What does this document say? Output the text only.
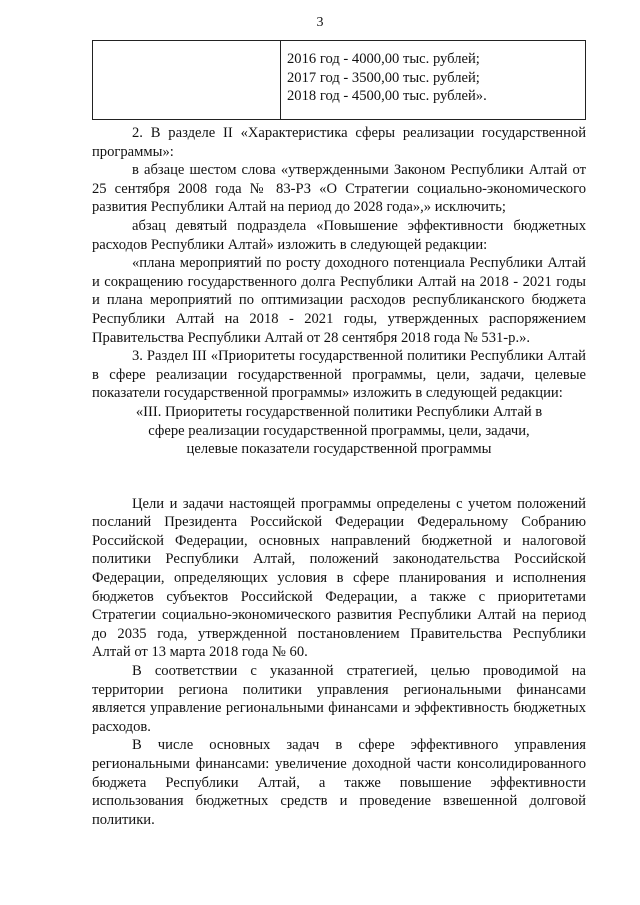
3
2016 год - 4000,00 тыс. рублей;
2017 год - 3500,00 тыс. рублей;
2018 год - 4500,00 тыс. рублей».

2. В разделе II «Характеристика сферы реализации государственной программы»:

в абзаце шестом слова «утвержденными Законом Республики Алтай от 25 сентября 2008 года № 83-РЗ «О Стратегии социально-экономического развития Республики Алтай на период до 2028 года»,» исключить;

абзац девятый подраздела «Повышение эффективности бюджетных расходов Республики Алтай» изложить в следующей редакции:

«плана мероприятий по росту доходного потенциала Республики Алтай и сокращению государственного долга Республики Алтай на 2018 - 2021 годы и плана мероприятий по оптимизации расходов республиканского бюджета Республики Алтай на 2018 - 2021 годы, утвержденных распоряжением Правительства Республики Алтай от 28 сентября 2018 года № 531-р.».

3. Раздел III «Приоритеты государственной политики Республики Алтай в сфере реализации государственной программы, цели, задачи, целевые показатели государственной программы» изложить в следующей редакции:

«III. Приоритеты государственной политики Республики Алтай в
сфере реализации государственной программы, цели, задачи,
целевые показатели государственной программы

Цели и задачи настоящей программы определены с учетом положений посланий Президента Российской Федерации Федеральному Собранию Российской Федерации, основных направлений бюджетной и налоговой политики Республики Алтай, положений законодательства Российской Федерации, определяющих условия в сфере планирования и исполнения бюджетов субъектов Российской Федерации, а также с приоритетами Стратегии социально-экономического развития Республики Алтай на период до 2035 года, утвержденной постановлением Правительства Республики Алтай от 13 марта 2018 года № 60.

В соответствии с указанной стратегией, целью проводимой на территории региона политики управления региональными финансами является управление региональными финансами и эффективность бюджетных расходов.

В числе основных задач в сфере эффективного управления региональными финансами: увеличение доходной части консолидированного бюджета Республики Алтай, а также повышение эффективности использования бюджетных средств и проведение взвешенной долговой политики.
